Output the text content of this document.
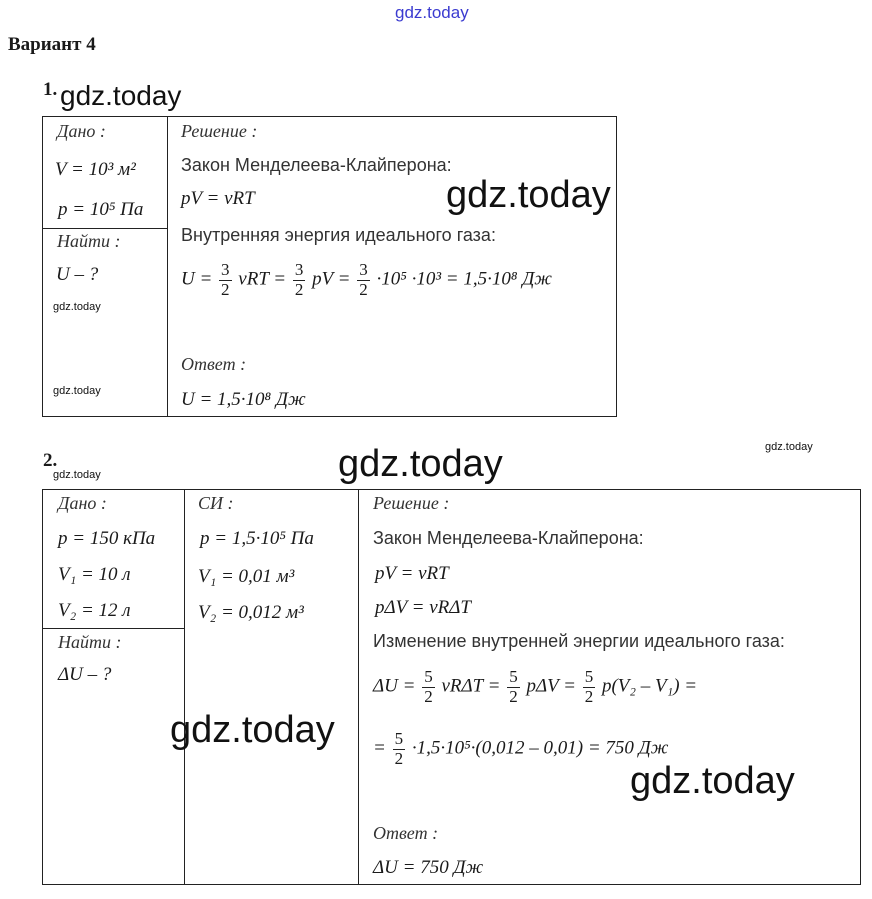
gdz.today
Вариант 4
1. gdz.today
Дано :
V = 10³ м²
p = 10⁵ Па
Найти :
U – ?
gdz.today
gdz.today
Решение :
Закон Менделеева-Клайперона:
pV = νRT	gdz.today
Внутренняя энергия идеального газа:
$U = \frac{3}{2}$ $\nu RT = \frac{3}{2}$ pV = $\frac{3}{2} \cdot 10^5 \cdot 10^3 = 1,5\cdot 10^8$ Дж
Ответ :
U = 1,5·10⁸ Дж
2.
gdz.today	gdz.today	gdz.today
Дано :
p = 150 кПа
V₁ = 10 л
V₂ = 12 л
Найти :
ΔU – ?
СИ :
p = 1,5·10⁵ Па
V₁ = 0,01 м³
V₂ = 0,012 м³
gdz.today
Решение :
Закон Менделеева-Клайперона:
pV = νRT
pΔV = νRΔT
Изменение внутренней энергии идеального газа:
$\Delta U = \frac{5}{2}$ $\nu R\Delta T = \frac{5}{2}$ $p\Delta V = \frac{5}{2} p(V_2 - V_1)$ =
= $\frac{5}{2} \cdot 1,5\cdot 10^5\cdot(0,012 - 0,01) = 750$ Дж
gdz.today
Ответ :
ΔU = 750 Дж
